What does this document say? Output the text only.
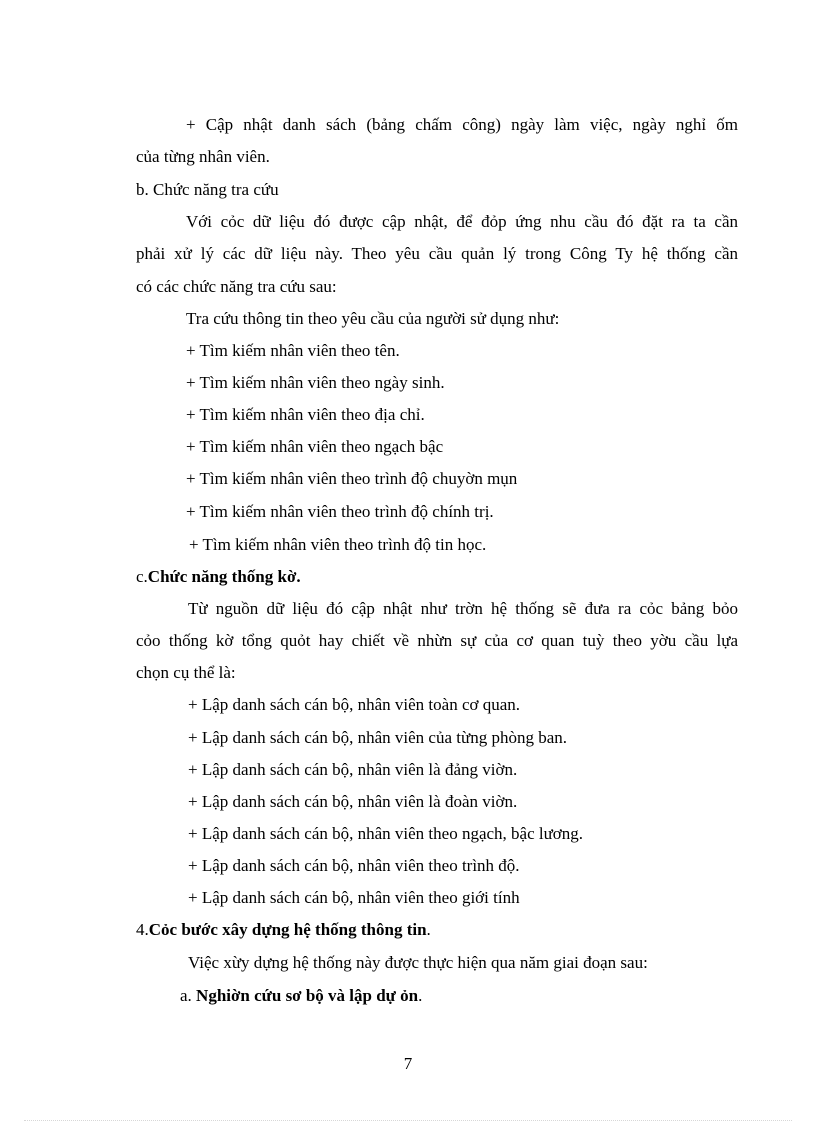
+ Cập nhật danh sách (bảng chấm công) ngày làm việc, ngày nghỉ ốm
của từng nhân viên.
b. Chức năng tra cứu
Với cỏc dữ liệu đó được cập nhật, để đỏp ứng nhu cầu đó đặt ra ta cần
phải xử lý các dữ liệu này. Theo yêu cầu quản lý trong Công Ty hệ thống cần
có các chức năng tra cứu sau:
Tra cứu thông tin theo yêu cầu của người sử dụng như:
+ Tìm kiếm nhân viên theo tên.
+ Tìm kiếm nhân viên theo ngày sinh.
+ Tìm kiếm nhân viên theo địa chỉ.
+ Tìm kiếm nhân viên theo ngạch bậc
+ Tìm kiếm nhân viên theo trình độ chuyờn mụn
+ Tìm kiếm nhân viên theo trình độ chính trị.
+ Tìm kiếm nhân viên theo trình độ tin học.
c.Chức năng thống kờ.
Từ nguồn dữ liệu đó cập nhật như trờn hệ thống sẽ đưa ra cỏc bảng bỏo
cỏo thống kờ tổng quỏt hay chiết về nhừn sự của cơ quan tuỳ theo yờu cầu lựa
chọn cụ thể là:
+ Lập danh sách cán bộ, nhân viên toàn cơ quan.
+ Lập danh sách cán bộ, nhân viên của từng phòng ban.
+ Lập danh sách cán bộ, nhân viên là đảng viờn.
+ Lập danh sách cán bộ, nhân viên là đoàn viờn.
+ Lập danh sách cán bộ, nhân viên theo ngạch, bậc lương.
+ Lập danh sách cán bộ, nhân viên theo trình độ.
+ Lập danh sách cán bộ, nhân viên theo giới tính
4.Cỏc bước xây dựng hệ thống thông tin.
Việc xừy dựng hệ thống này được thực hiện qua năm giai đoạn sau:
a. Nghiờn cứu sơ bộ và lập dự ỏn.
7
